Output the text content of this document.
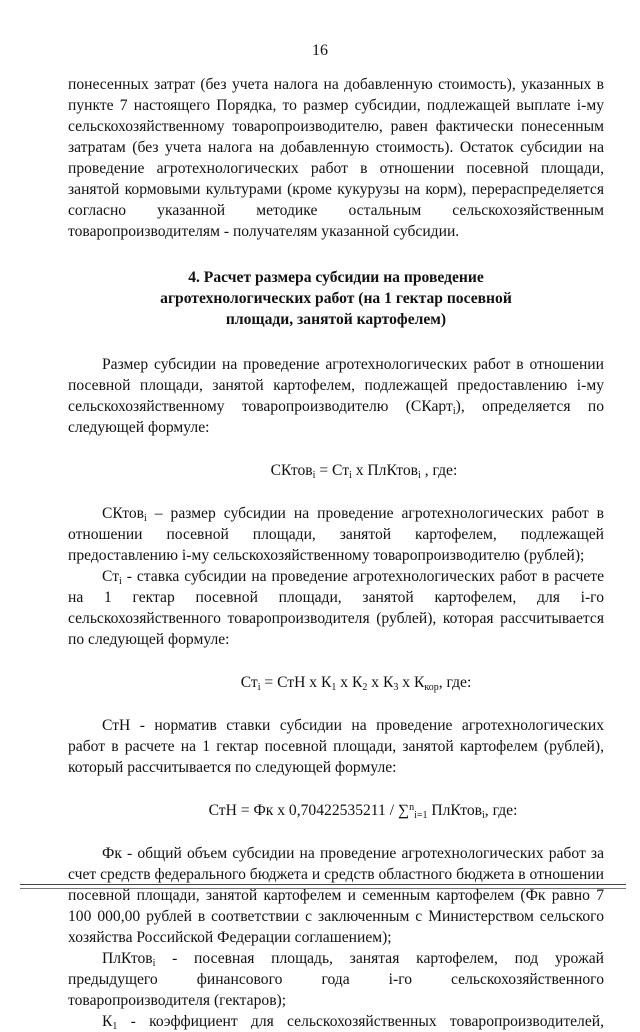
16

понесенных затрат (без учета налога на добавленную стоимость), указанных в пункте 7 настоящего Порядка, то размер субсидии, подлежащей выплате i-му сельскохозяйственному товаропроизводителю, равен фактически понесенным затратам (без учета налога на добавленную стоимость). Остаток субсидии на проведение агротехнологических работ в отношении посевной площади, занятой кормовыми культурами (кроме кукурузы на корм), перераспределяется согласно указанной методике остальным сельскохозяйственным товаропроизводителям - получателям указанной субсидии.

4. Расчет размера субсидии на проведение
агротехнологических работ (на 1 гектар посевной
площади, занятой картофелем)

Размер субсидии на проведение агротехнологических работ в отношении посевной площади, занятой картофелем, подлежащей предоставлению i-му сельскохозяйственному товаропроизводителю (СКарт$_i$), определяется по следующей формуле:

СКтов$_i$ = $Ст_i$ х ПлКтов$_i$ , где:

СКтов$_i$ – размер субсидии на проведение агротехнологических работ в отношении посевной площади, занятой картофелем, подлежащей предоставлению i-му сельскохозяйственному товаропроизводителю (рублей);

$Ст_i$ - ставка субсидии на проведение агротехнологических работ в расчете на 1 гектар посевной площади, занятой картофелем, для i-го сельскохозяйственного товаропроизводителя (рублей), которая рассчитывается по следующей формуле:

$Ст_i$ = СтН х $К_1$ х $К_2$ х $К_3$ х $К_{кор}$, где:

СтН - норматив ставки субсидии на проведение агротехнологических работ в расчете на 1 гектар посевной площади, занятой картофелем (рублей), который рассчитывается по следующей формуле:

СтН = Фк х 0,70422535211 / ∑$^n_{i=1}$ ПлКтов$_i$, где:

Фк - общий объем субсидии на проведение агротехнологических работ за счет средств федерального бюджета и средств областного бюджета в отношении посевной площади, занятой картофелем и семенным картофелем (Фк равно 7 100 000,00 рублей в соответствии с заключенным с Министерством сельского хозяйства Российской Федерации соглашением);

ПлКтов$_i$ - посевная площадь, занятая картофелем, под урожай предыдущего финансового года i-го сельскохозяйственного товаропроизводителя (гектаров);

$К_1$ - коэффициент для сельскохозяйственных товаропроизводителей,
